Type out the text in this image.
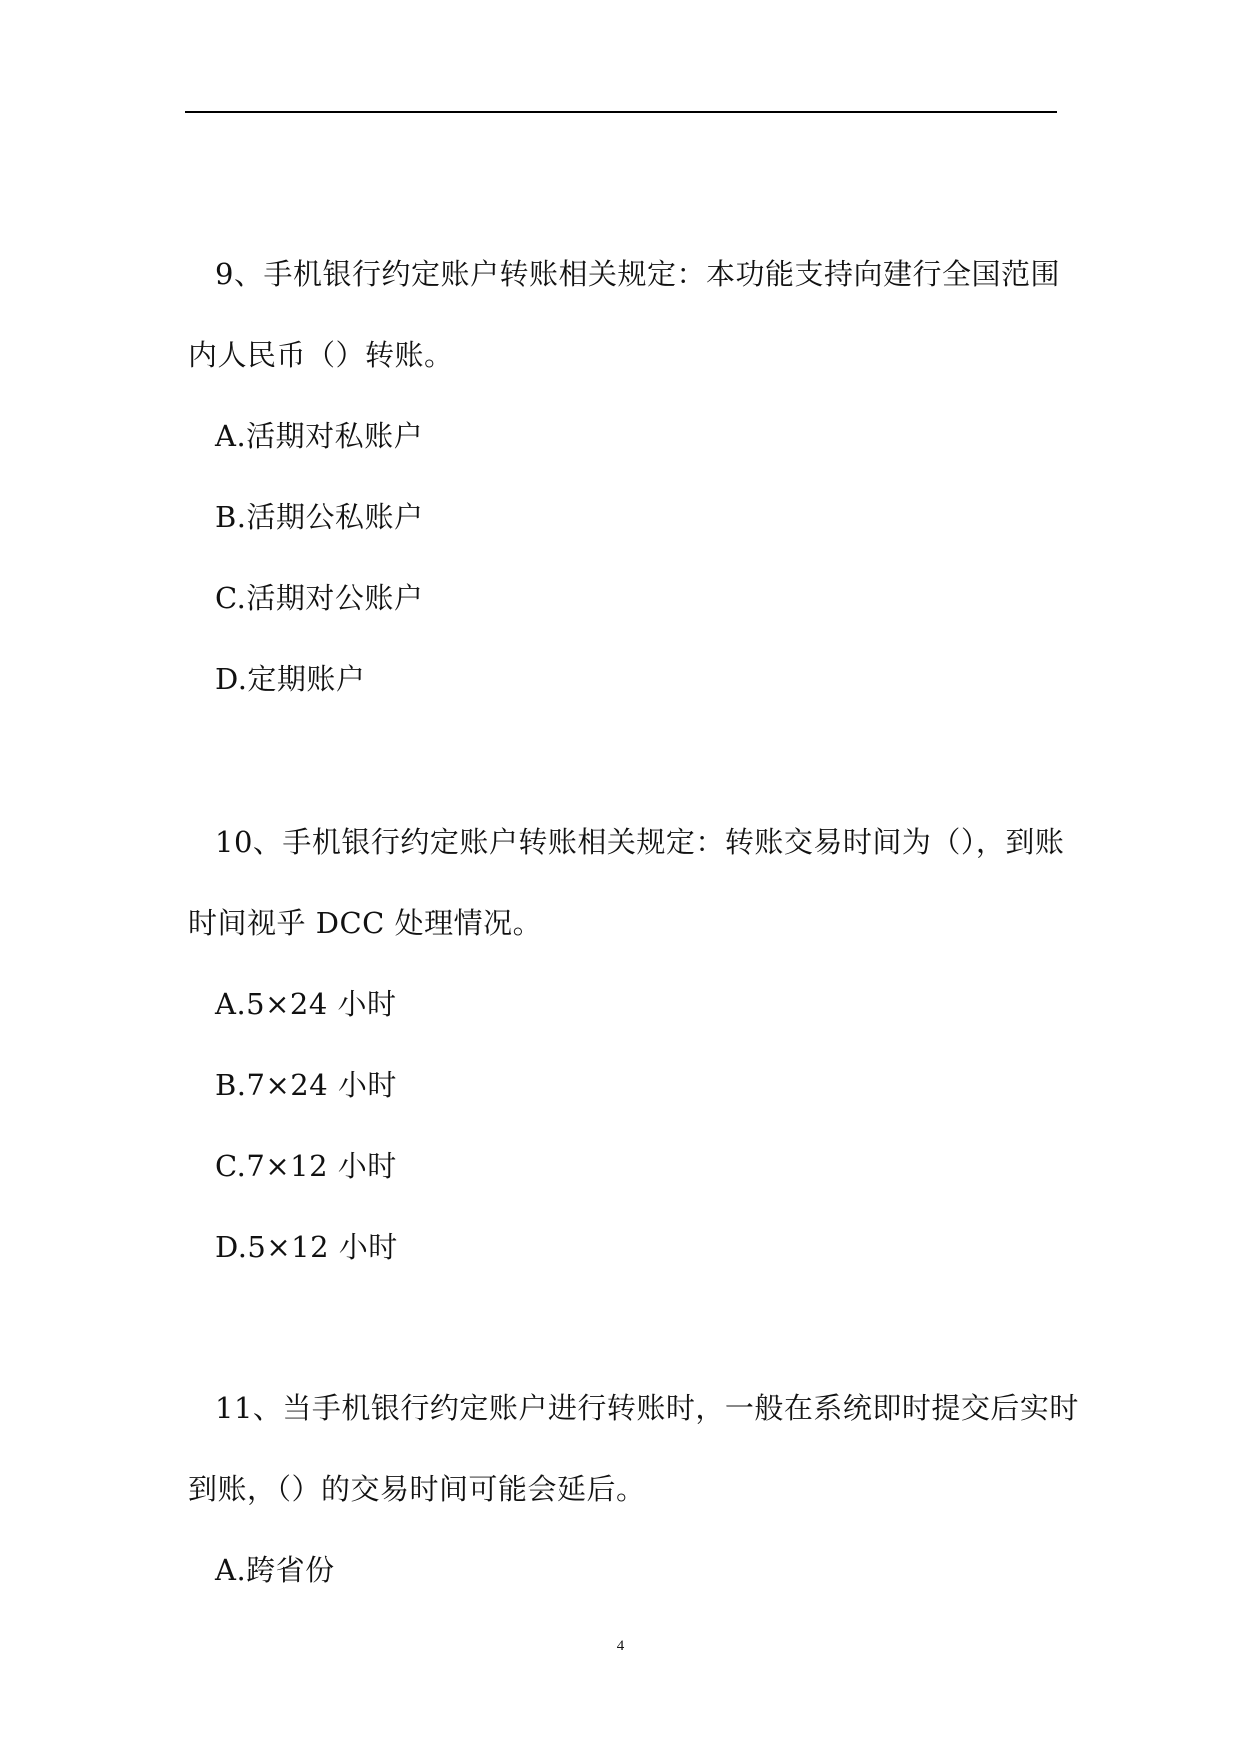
9、手机银行约定账户转账相关规定：本功能支持向建行全国范围
内人民币（）转账。
A.活期对私账户
B.活期公私账户
C.活期对公账户
D.定期账户
10、手机银行约定账户转账相关规定：转账交易时间为（），到账
时间视乎 DCC 处理情况。
A.5×24 小时
B.7×24 小时
C.7×12 小时
D.5×12 小时
11、当手机银行约定账户进行转账时，一般在系统即时提交后实时
到账，（）的交易时间可能会延后。
A.跨省份
4
